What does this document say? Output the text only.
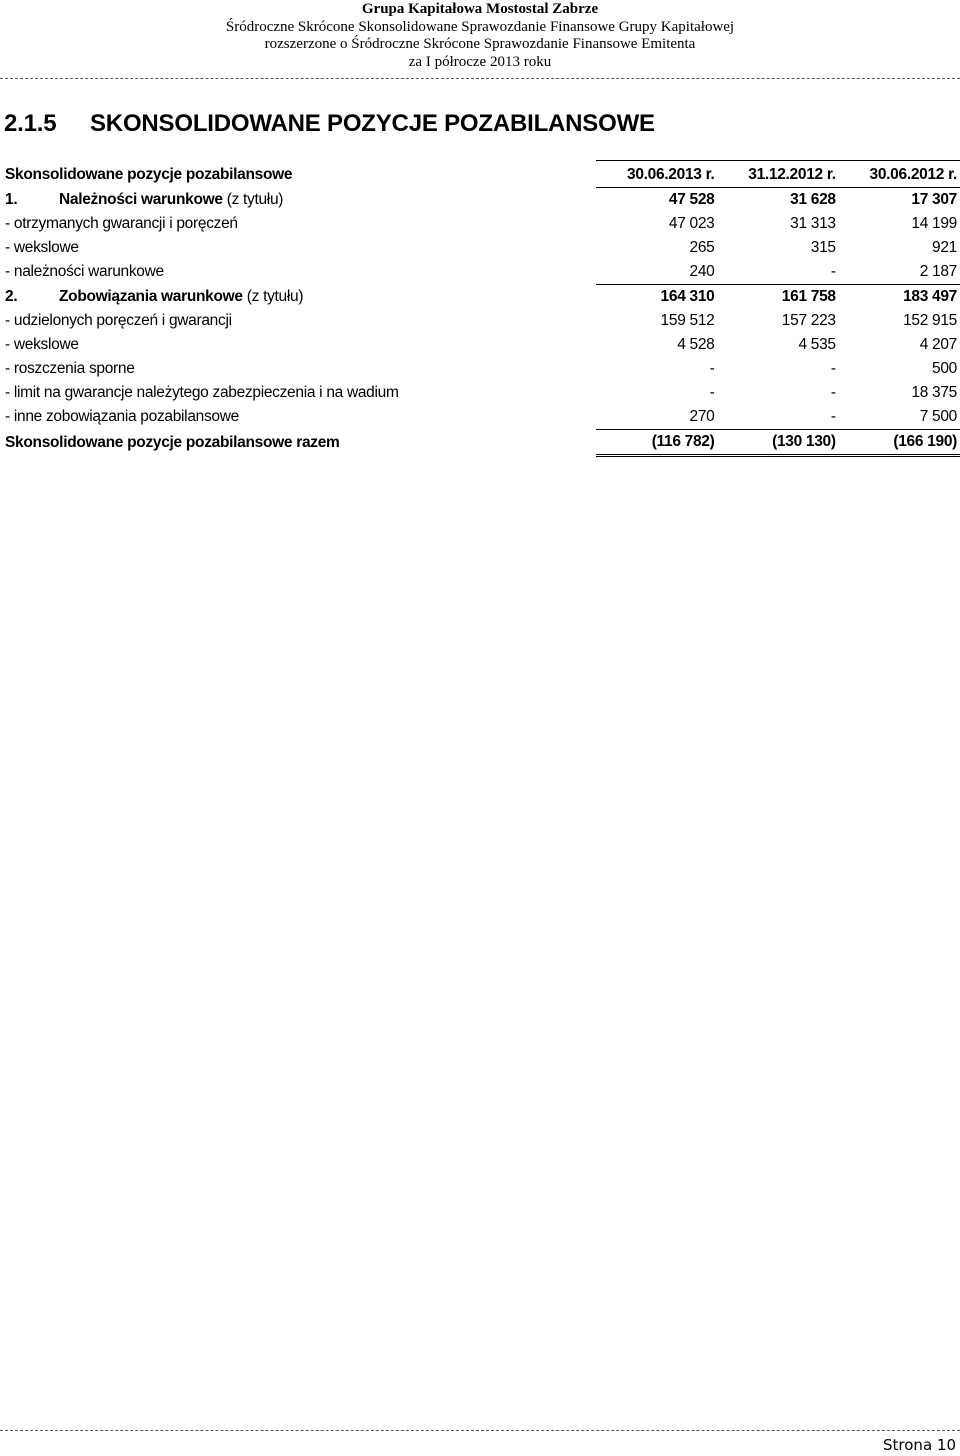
Grupa Kapitałowa Mostostal Zabrze
Śródroczne Skrócone Skonsolidowane Sprawozdanie Finansowe Grupy Kapitałowej
rozszerzone o Śródroczne Skrócone Sprawozdanie Finansowe Emitenta
za I półrocze 2013 roku
2.1.5 SKONSOLIDOWANE POZYCJE POZABILANSOWE
Skonsolidowane pozycje pozabilansowe	30.06.2013 r.	31.12.2012 r.	30.06.2012 r.
1. Należności warunkowe (z tytułu)	47 528	31 628	17 307
- otrzymanych gwarancji i poręczeń	47 023	31 313	14 199
- wekslowe	265	315	921
- należności warunkowe	240	-	2 187
2. Zobowiązania warunkowe (z tytułu)	164 310	161 758	183 497
- udzielonych poręczeń i gwarancji	159 512	157 223	152 915
- wekslowe	4 528	4 535	4 207
- roszczenia sporne	-	-	500
- limit na gwarancje należytego zabezpieczenia i na wadium	-	-	18 375
- inne zobowiązania pozabilansowe	270	-	7 500
Skonsolidowane pozycje pozabilansowe razem	(116 782)	(130 130)	(166 190)
Strona 10
